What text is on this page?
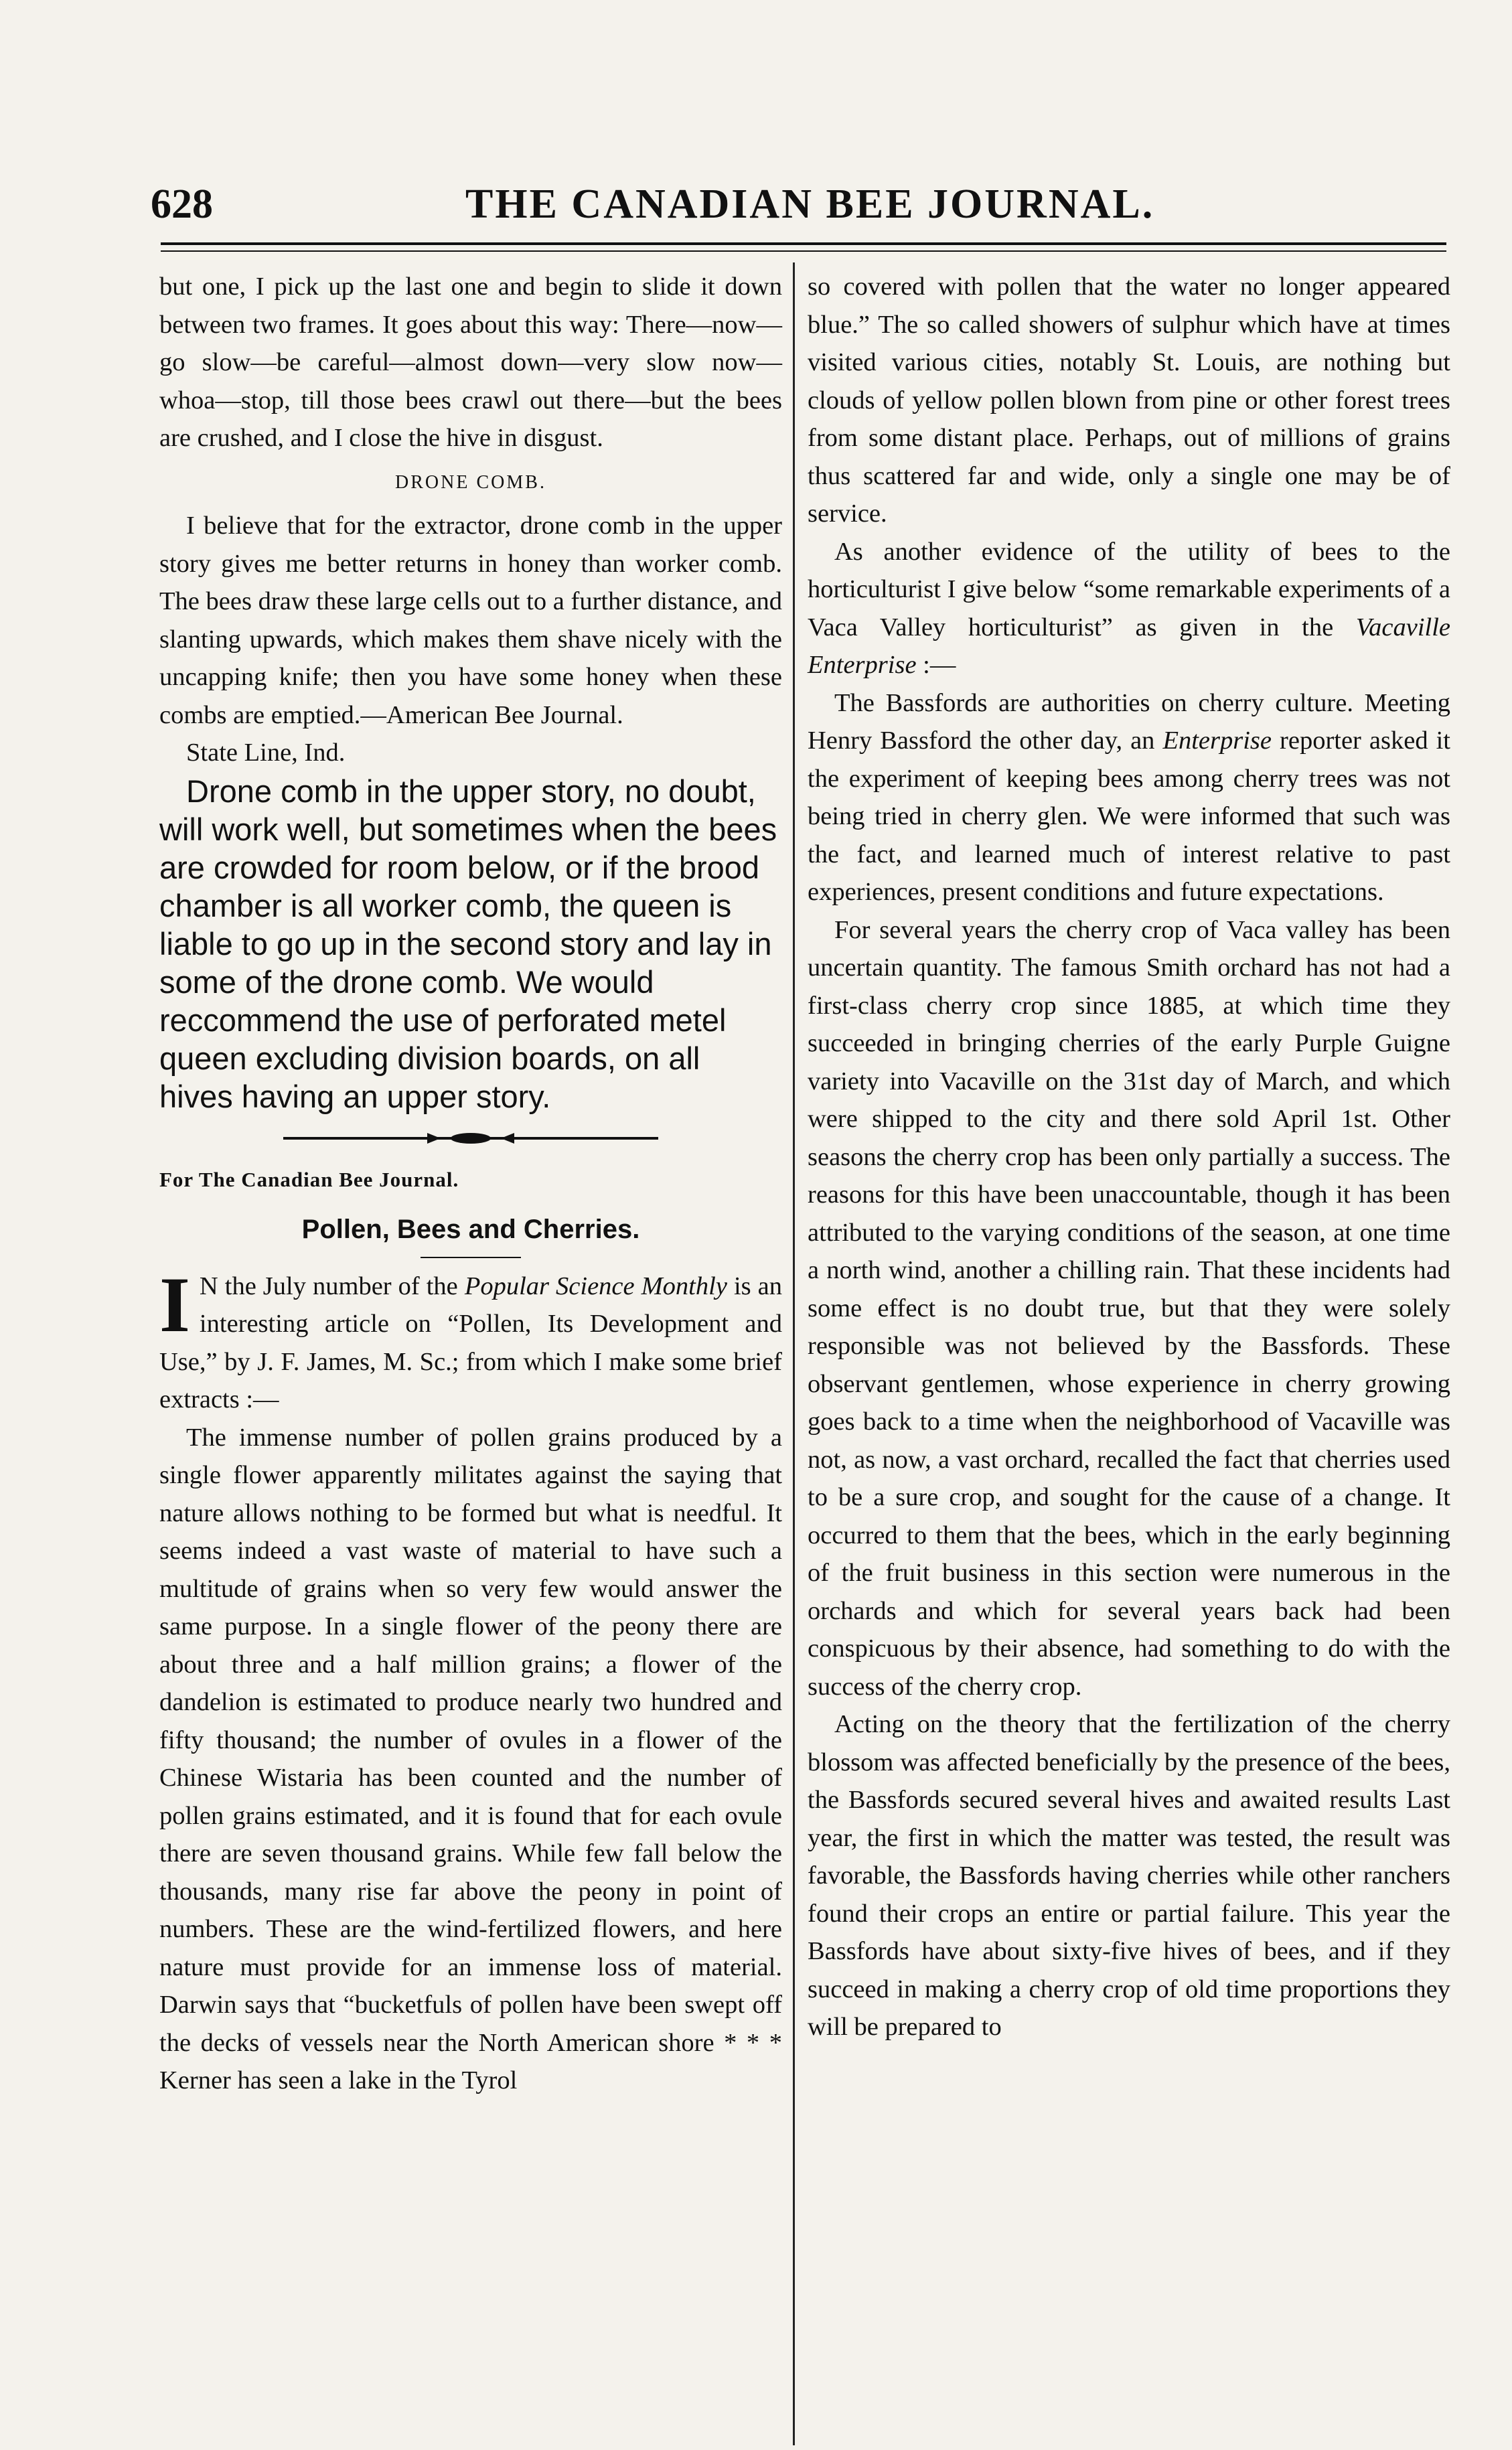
628	THE CANADIAN BEE JOURNAL.

but one, I pick up the last one and begin to slide it down between two frames. It goes about this way: There—now—go slow—be careful—almost down—very slow now—whoa—stop, till those bees crawl out there—but the bees are crushed, and I close the hive in disgust.

DRONE COMB.

I believe that for the extractor, drone comb in the upper story gives me better returns in honey than worker comb. The bees draw these large cells out to a further distance, and slanting upwards, which makes them shave nicely with the uncapping knife; then you have some honey when these combs are emptied.—American Bee Journal.

State Line, Ind.

Drone comb in the upper story, no doubt, will work well, but sometimes when the bees are crowded for room below, or if the brood chamber is all worker comb, the queen is liable to go up in the second story and lay in some of the drone comb. We would reccommend the use of perforated metel queen excluding division boards, on all hives having an upper story.

For The Canadian Bee Journal.
Pollen, Bees and Cherries.

I N the July number of the Popular Science Monthly is an interesting article on “Pollen, Its Development and Use,” by J. F. James, M. Sc.; from which I make some brief extracts :—

The immense number of pollen grains produced by a single flower apparently militates against the saying that nature allows nothing to be formed but what is needful. It seems indeed a vast waste of material to have such a multitude of grains when so very few would answer the same purpose. In a single flower of the peony there are about three and a half million grains; a flower of the dandelion is estimated to produce nearly two hundred and fifty thousand; the number of ovules in a flower of the Chinese Wistaria has been counted and the number of pollen grains estimated, and it is found that for each ovule there are seven thousand grains. While few fall below the thousands, many rise far above the peony in point of numbers. These are the wind-fertilized flowers, and here nature must provide for an immense loss of material. Darwin says that “bucketfuls of pollen have been swept off the decks of vessels near the North American shore * * * Kerner has seen a lake in the Tyrol

so covered with pollen that the water no longer appeared blue.” The so called showers of sulphur which have at times visited various cities, notably St. Louis, are nothing but clouds of yellow pollen blown from pine or other forest trees from some distant place. Perhaps, out of millions of grains thus scattered far and wide, only a single one may be of service.

As another evidence of the utility of bees to the horticulturist I give below “some remarkable experiments of a Vaca Valley horticulturist” as given in the Vacaville Enterprise :—

The Bassfords are authorities on cherry culture. Meeting Henry Bassford the other day, an Enterprise reporter asked it the experiment of keeping bees among cherry trees was not being tried in cherry glen. We were informed that such was the fact, and learned much of interest relative to past experiences, present conditions and future expectations.

For several years the cherry crop of Vaca valley has been uncertain quantity. The famous Smith orchard has not had a first-class cherry crop since 1885, at which time they succeeded in bringing cherries of the early Purple Guigne variety into Vacaville on the 31st day of March, and which were shipped to the city and there sold April 1st. Other seasons the cherry crop has been only partially a success. The reasons for this have been unaccountable, though it has been attributed to the varying conditions of the season, at one time a north wind, another a chilling rain. That these incidents had some effect is no doubt true, but that they were solely responsible was not believed by the Bassfords. These observant gentlemen, whose experience in cherry growing goes back to a time when the neighborhood of Vacaville was not, as now, a vast orchard, recalled the fact that cherries used to be a sure crop, and sought for the cause of a change. It occurred to them that the bees, which in the early beginning of the fruit business in this section were numerous in the orchards and which for several years back had been conspicuous by their absence, had something to do with the success of the cherry crop.

Acting on the theory that the fertilization of the cherry blossom was affected beneficially by the presence of the bees, the Bassfords secured several hives and awaited results Last year, the first in which the matter was tested, the result was favorable, the Bassfords having cherries while other ranchers found their crops an entire or partial failure. This year the Bassfords have about sixty-five hives of bees, and if they succeed in making a cherry crop of old time proportions they will be prepared to
